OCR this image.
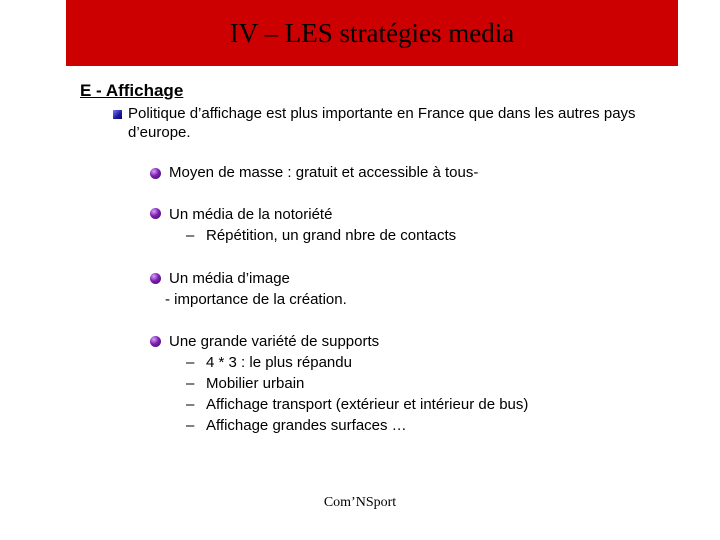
IV – LES stratégies media
E - Affichage
Politique d’affichage est plus importante en France que dans les autres pays d’europe.
Moyen de masse : gratuit et accessible à tous-
Un média de la notoriété
– Répétition, un grand nbre de contacts
Un média d’image
- importance de la création.
Une grande variété de supports
– 4 * 3 : le plus répandu
– Mobilier urbain
– Affichage transport (extérieur et intérieur de bus)
– Affichage grandes surfaces …
Com’NSport
